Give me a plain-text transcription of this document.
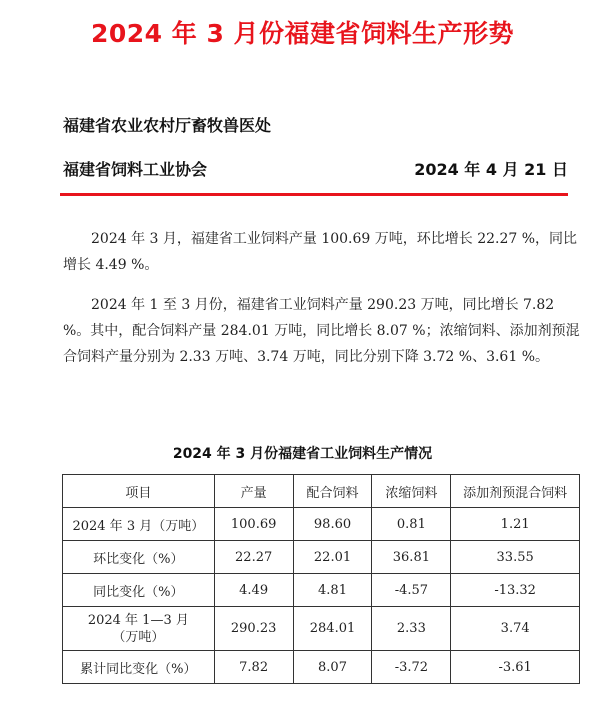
2024 年 3 月份福建省饲料生产形势
福建省农业农村厅畜牧兽医处
福建省饲料工业协会	2024 年 4 月 21 日

2024 年 3 月，福建省工业饲料产量 100.69 万吨，环比增长 22.27 %，同比增长 4.49 %。

2024 年 1 至 3 月份，福建省工业饲料产量 290.23 万吨，同比增长 7.82 %。其中，配合饲料产量 284.01 万吨，同比增长 8.07 %；浓缩饲料、添加剂预混合饲料产量分别为 2.33 万吨、3.74 万吨，同比分别下降 3.72 %、3.61 %。

2024 年 3 月份福建省工业饲料生产情况
项目	产量	配合饲料	浓缩饲料	添加剂预混合饲料
2024 年 3 月（万吨）	100.69	98.60	0.81	1.21
环比变化（%）	22.27	22.01	36.81	33.55
同比变化（%）	4.49	4.81	-4.57	-13.32
2024 年 1—3 月（万吨）	290.23	284.01	2.33	3.74
累计同比变化（%）	7.82	8.07	-3.72	-3.61
